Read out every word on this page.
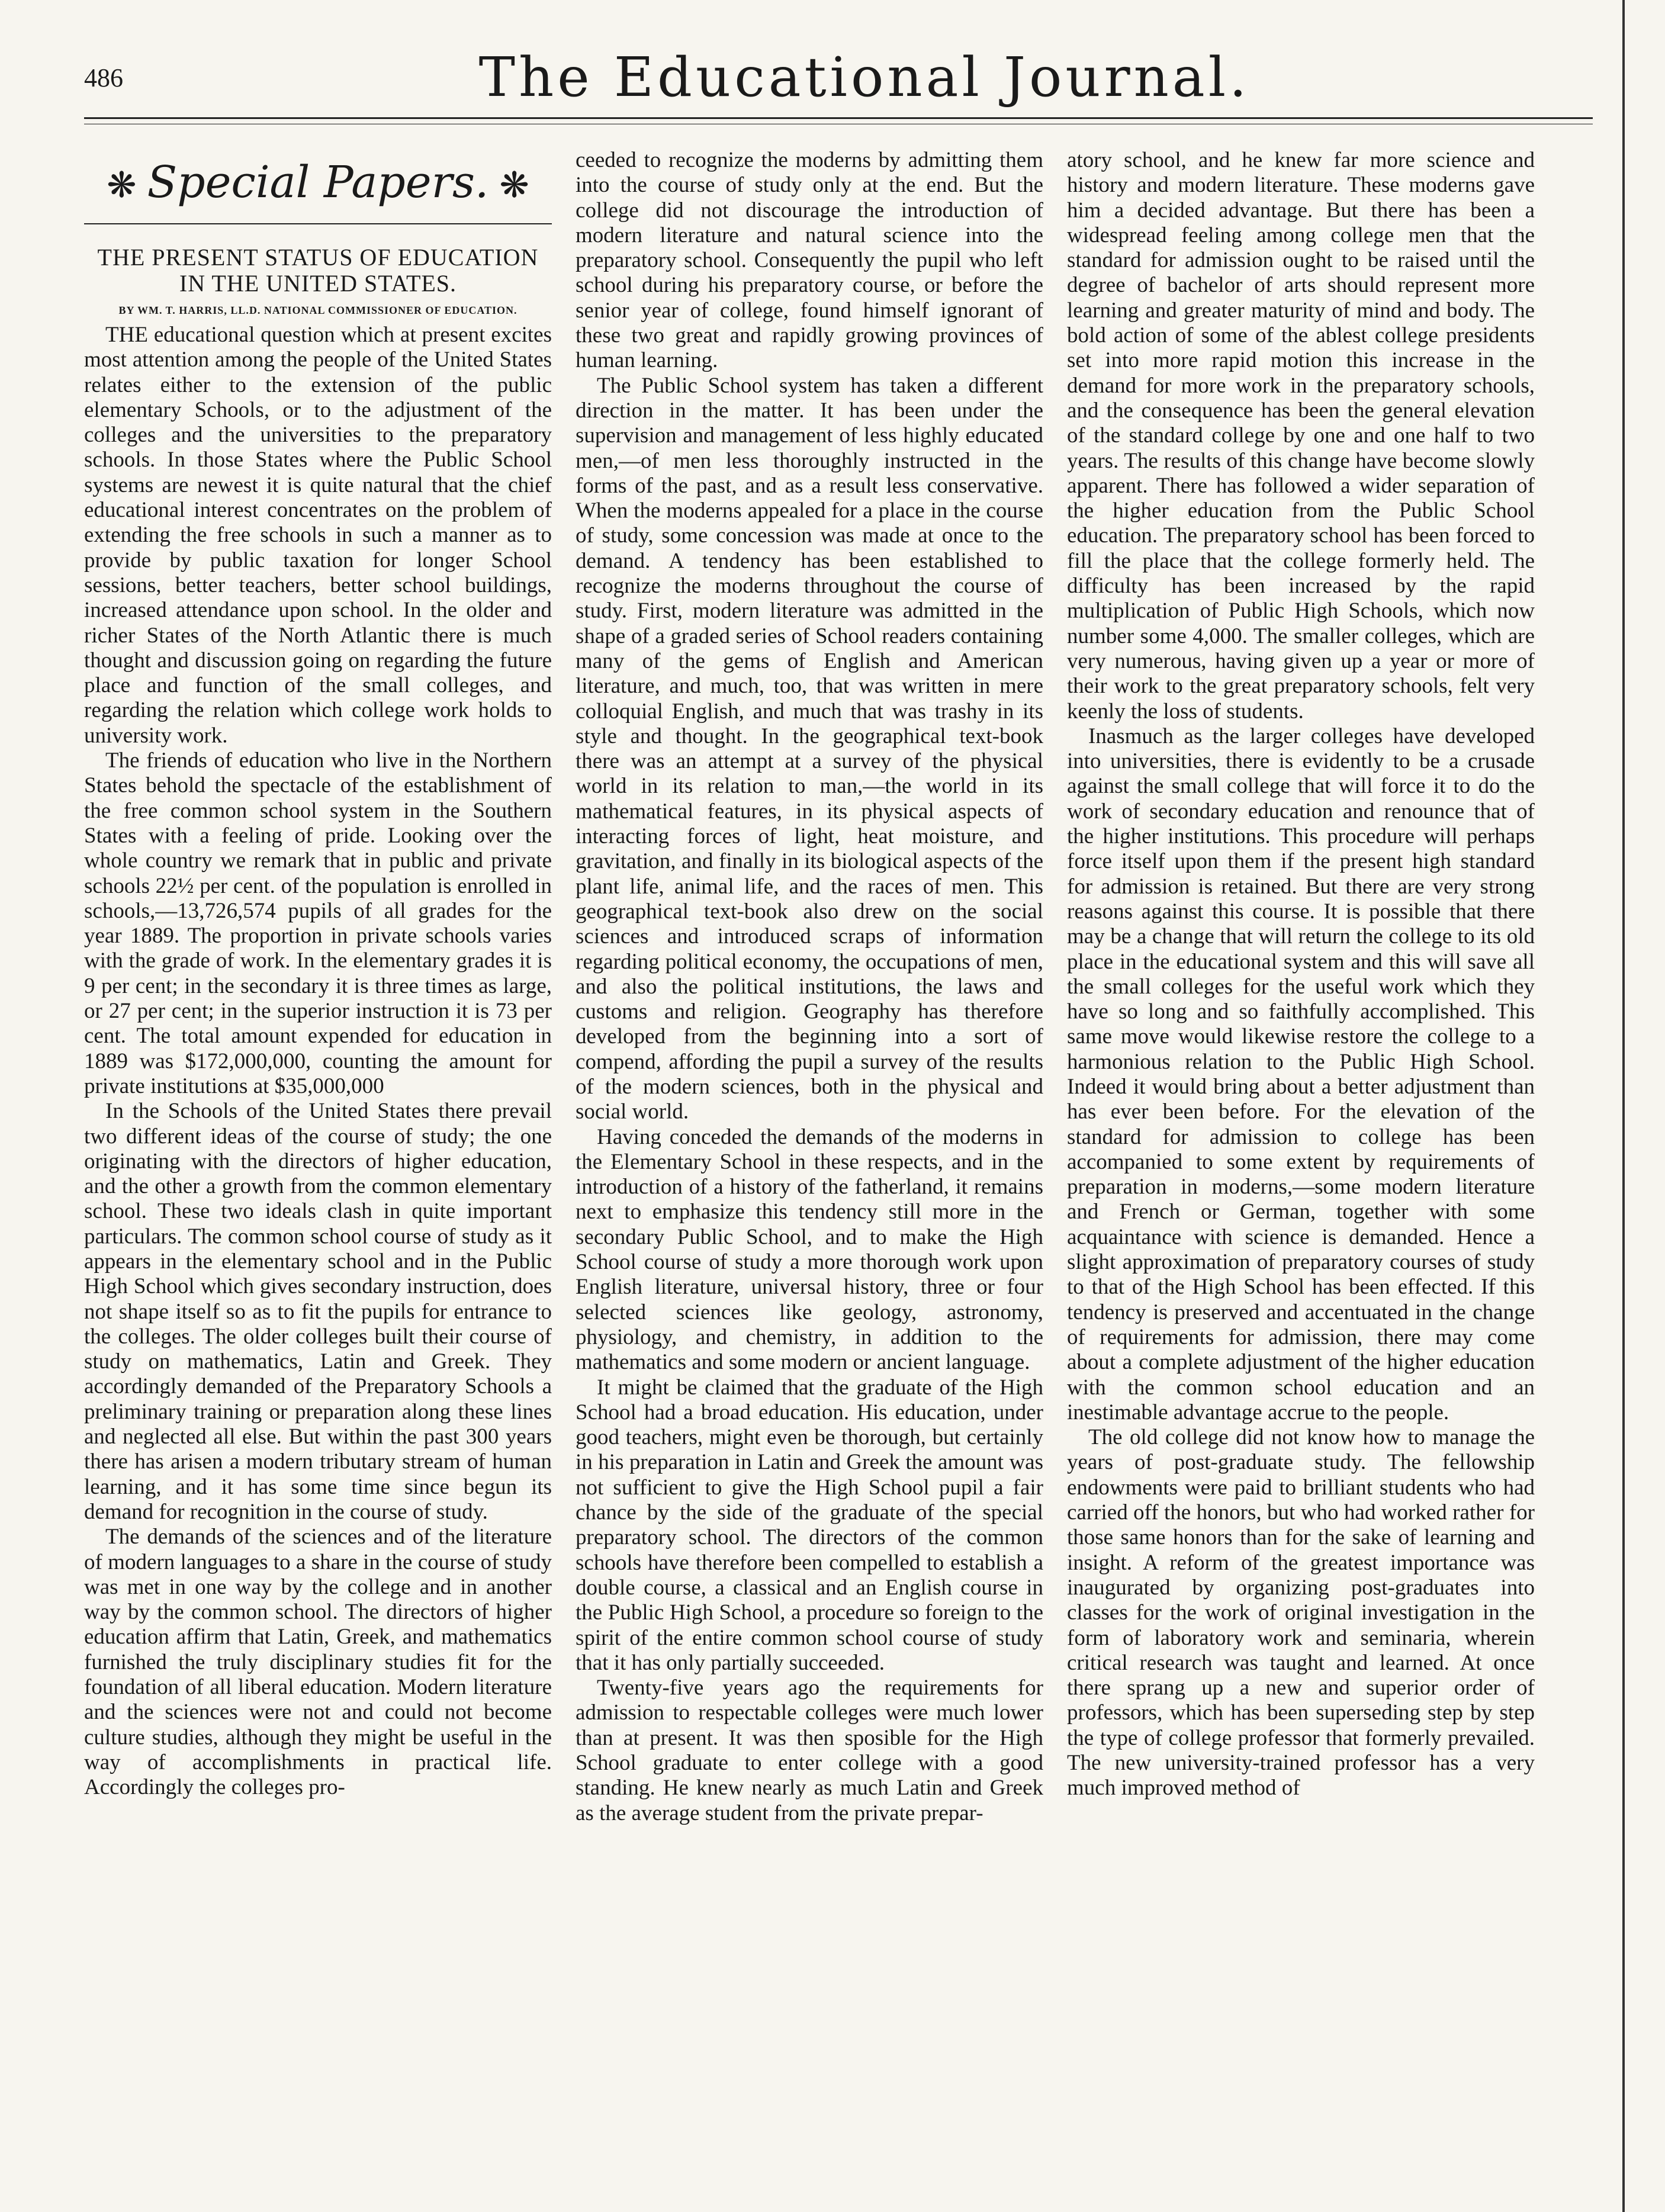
486	The Educational Journal.
❋ Special Papers. ❋
THE PRESENT STATUS OF EDUCATION IN THE UNITED STATES.
BY WM. T. HARRIS, LL.D. NATIONAL COMMISSIONER OF EDUCATION.

THE educational question which at present excites most attention among the people of the United States relates either to the extension of the public elementary Schools, or to the adjustment of the colleges and the universities to the preparatory schools. In those States where the Public School systems are newest it is quite natural that the chief educational interest concentrates on the problem of extending the free schools in such a manner as to provide by public taxation for longer School sessions, better teachers, better school buildings, increased attendance upon school. In the older and richer States of the North Atlantic there is much thought and discussion going on regarding the future place and function of the small colleges, and regarding the relation which college work holds to university work.

The friends of education who live in the Northern States behold the spectacle of the establishment of the free common school system in the Southern States with a feeling of pride. Looking over the whole country we remark that in public and private schools 22½ per cent. of the population is enrolled in schools,—13,726,574 pupils of all grades for the year 1889. The proportion in private schools varies with the grade of work. In the elementary grades it is 9 per cent; in the secondary it is three times as large, or 27 per cent; in the superior instruction it is 73 per cent. The total amount expended for education in 1889 was $172,000,000, counting the amount for private institutions at $35,000,000

In the Schools of the United States there prevail two different ideas of the course of study; the one originating with the directors of higher education, and the other a growth from the common elementary school. These two ideals clash in quite important particulars. The common school course of study as it appears in the elementary school and in the Public High School which gives secondary instruction, does not shape itself so as to fit the pupils for entrance to the colleges. The older colleges built their course of study on mathematics, Latin and Greek. They accordingly demanded of the Preparatory Schools a preliminary training or preparation along these lines and neglected all else. But within the past 300 years there has arisen a modern tributary stream of human learning, and it has some time since begun its demand for recognition in the course of study.

The demands of the sciences and of the literature of modern languages to a share in the course of study was met in one way by the college and in another way by the common school. The directors of higher education affirm that Latin, Greek, and mathematics furnished the truly disciplinary studies fit for the foundation of all liberal education. Modern literature and the sciences were not and could not become culture studies, although they might be useful in the way of accomplishments in practical life. Accordingly the colleges pro-

ceeded to recognize the moderns by admitting them into the course of study only at the end. But the college did not discourage the introduction of modern literature and natural science into the preparatory school. Consequently the pupil who left school during his preparatory course, or before the senior year of college, found himself ignorant of these two great and rapidly growing provinces of human learning.

The Public School system has taken a different direction in the matter. It has been under the supervision and management of less highly educated men,—of men less thoroughly instructed in the forms of the past, and as a result less conservative. When the moderns appealed for a place in the course of study, some concession was made at once to the demand. A tendency has been established to recognize the moderns throughout the course of study. First, modern literature was admitted in the shape of a graded series of School readers containing many of the gems of English and American literature, and much, too, that was written in mere colloquial English, and much that was trashy in its style and thought. In the geographical text-book there was an attempt at a survey of the physical world in its relation to man,—the world in its mathematical features, in its physical aspects of interacting forces of light, heat moisture, and gravitation, and finally in its biological aspects of the plant life, animal life, and the races of men. This geographical text-book also drew on the social sciences and introduced scraps of information regarding political economy, the occupations of men, and also the political institutions, the laws and customs and religion. Geography has therefore developed from the beginning into a sort of compend, affording the pupil a survey of the results of the modern sciences, both in the physical and social world.

Having conceded the demands of the moderns in the Elementary School in these respects, and in the introduction of a history of the fatherland, it remains next to emphasize this tendency still more in the secondary Public School, and to make the High School course of study a more thorough work upon English literature, universal history, three or four selected sciences like geology, astronomy, physiology, and chemistry, in addition to the mathematics and some modern or ancient language.

It might be claimed that the graduate of the High School had a broad education. His education, under good teachers, might even be thorough, but certainly in his preparation in Latin and Greek the amount was not sufficient to give the High School pupil a fair chance by the side of the graduate of the special preparatory school. The directors of the common schools have therefore been compelled to establish a double course, a classical and an English course in the Public High School, a procedure so foreign to the spirit of the entire common school course of study that it has only partially succeeded.

Twenty-five years ago the requirements for admission to respectable colleges were much lower than at present. It was then sposible for the High School graduate to enter college with a good standing. He knew nearly as much Latin and Greek as the average student from the private prepar-

atory school, and he knew far more science and history and modern literature. These moderns gave him a decided advantage. But there has been a widespread feeling among college men that the standard for admission ought to be raised until the degree of bachelor of arts should represent more learning and greater maturity of mind and body. The bold action of some of the ablest college presidents set into more rapid motion this increase in the demand for more work in the preparatory schools, and the consequence has been the general elevation of the standard college by one and one half to two years. The results of this change have become slowly apparent. There has followed a wider separation of the higher education from the Public School education. The preparatory school has been forced to fill the place that the college formerly held. The difficulty has been increased by the rapid multiplication of Public High Schools, which now number some 4,000. The smaller colleges, which are very numerous, having given up a year or more of their work to the great preparatory schools, felt very keenly the loss of students.

Inasmuch as the larger colleges have developed into universities, there is evidently to be a crusade against the small college that will force it to do the work of secondary education and renounce that of the higher institutions. This procedure will perhaps force itself upon them if the present high standard for admission is retained. But there are very strong reasons against this course. It is possible that there may be a change that will return the college to its old place in the educational system and this will save all the small colleges for the useful work which they have so long and so faithfully accomplished. This same move would likewise restore the college to a harmonious relation to the Public High School. Indeed it would bring about a better adjustment than has ever been before. For the elevation of the standard for admission to college has been accompanied to some extent by requirements of preparation in moderns,—some modern literature and French or German, together with some acquaintance with science is demanded. Hence a slight approximation of preparatory courses of study to that of the High School has been effected. If this tendency is preserved and accentuated in the change of requirements for admission, there may come about a complete adjustment of the higher education with the common school education and an inestimable advantage accrue to the people.

The old college did not know how to manage the years of post-graduate study. The fellowship endowments were paid to brilliant students who had carried off the honors, but who had worked rather for those same honors than for the sake of learning and insight. A reform of the greatest importance was inaugurated by organizing post-graduates into classes for the work of original investigation in the form of laboratory work and seminaria, wherein critical research was taught and learned. At once there sprang up a new and superior order of professors, which has been superseding step by step the type of college professor that formerly prevailed. The new university-trained professor has a very much improved method of
